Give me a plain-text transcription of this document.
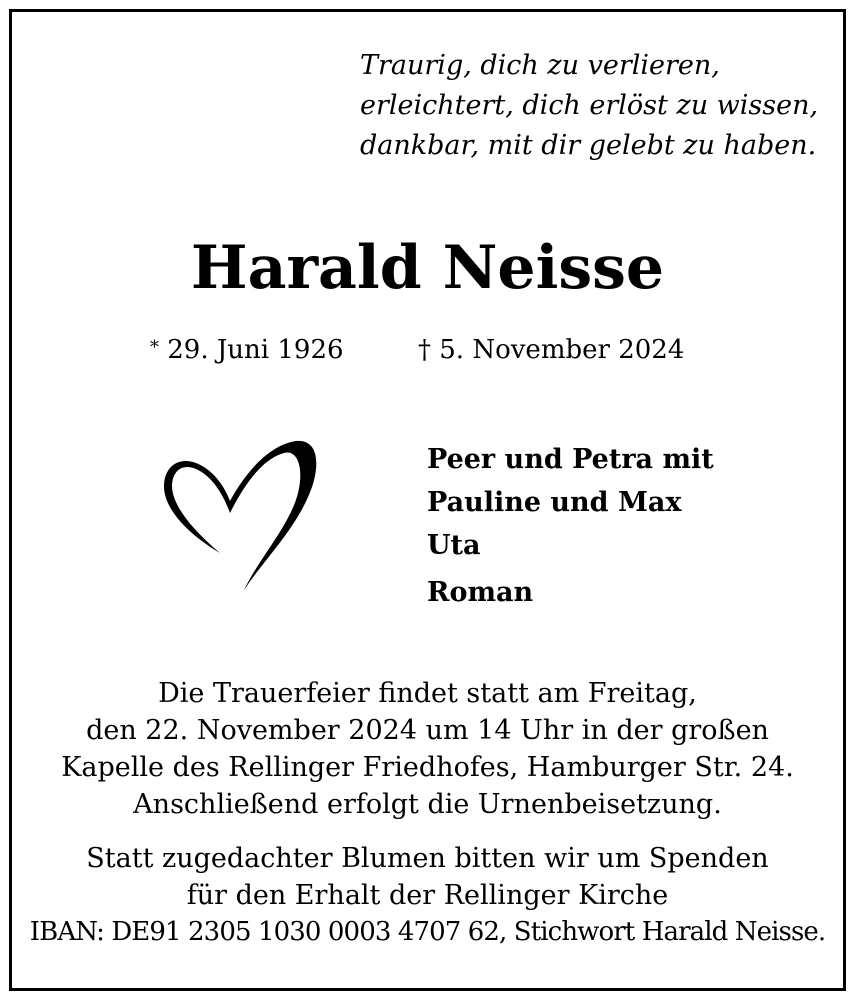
Traurig, dich zu verlieren,
erleichtert, dich erlöst zu wissen,
dankbar, mit dir gelebt zu haben.
Harald Neisse
* 29. Juni 1926	† 5. November 2024
Peer und Petra mit
Pauline und Max
Uta
Roman
Die Trauerfeier findet statt am Freitag,
den 22. November 2024 um 14 Uhr in der großen
Kapelle des Rellinger Friedhofes, Hamburger Str. 24.
Anschließend erfolgt die Urnenbeisetzung.
Statt zugedachter Blumen bitten wir um Spenden
für den Erhalt der Rellinger Kirche
IBAN: DE91 2305 1030 0003 4707 62, Stichwort Harald Neisse.
